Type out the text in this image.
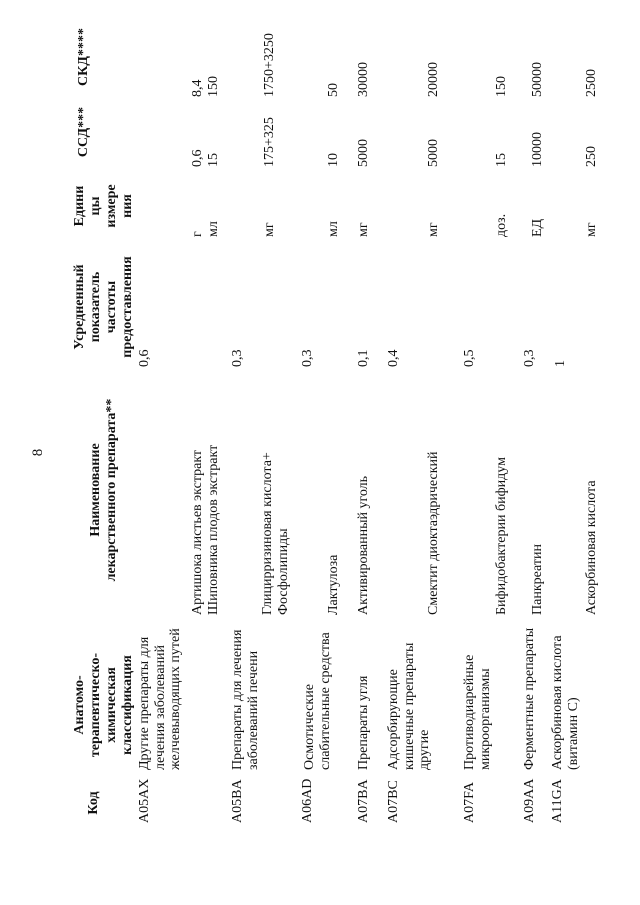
8
Код
Анатомо- терапевтическо- химическая классификация
Наименование лекарственного препарата**
Усредненный показатель частоты предоставления
Едини цы измере ния
ССД***
СКД****
A05AX
Другие препараты для лечения заболеваний желчевыводящих путей
0,6
Артишока листьев экстракт Шиповника плодов экстракт
г мл
0,6 15
8,4 150
A05BA
Препараты для лечения заболеваний печени
0,3
Глицирризиновая кислота+ Фосфолипиды
мг
175+325
1750+3250
A06AD
Осмотические слабительные средства
0,3
Лактулоза
мл
10
50
A07BA
Препараты угля
0,1
Активированный уголь
мг
5000
30000
A07BC
Адсорбирующие кишечные препараты другие
0,4
Смектит диоктаэдрический
мг
5000
20000
A07FA
Противодиарейные микроорганизмы
0,5
Бифидобактерии бифидум
доз.
15
150
A09AA
Ферментные препараты
0,3
Панкреатин
ЕД
10000
50000
A11GA
Аскорбиновая кислота (витамин С)
1
Аскорбиновая кислота
мг
250
2500
